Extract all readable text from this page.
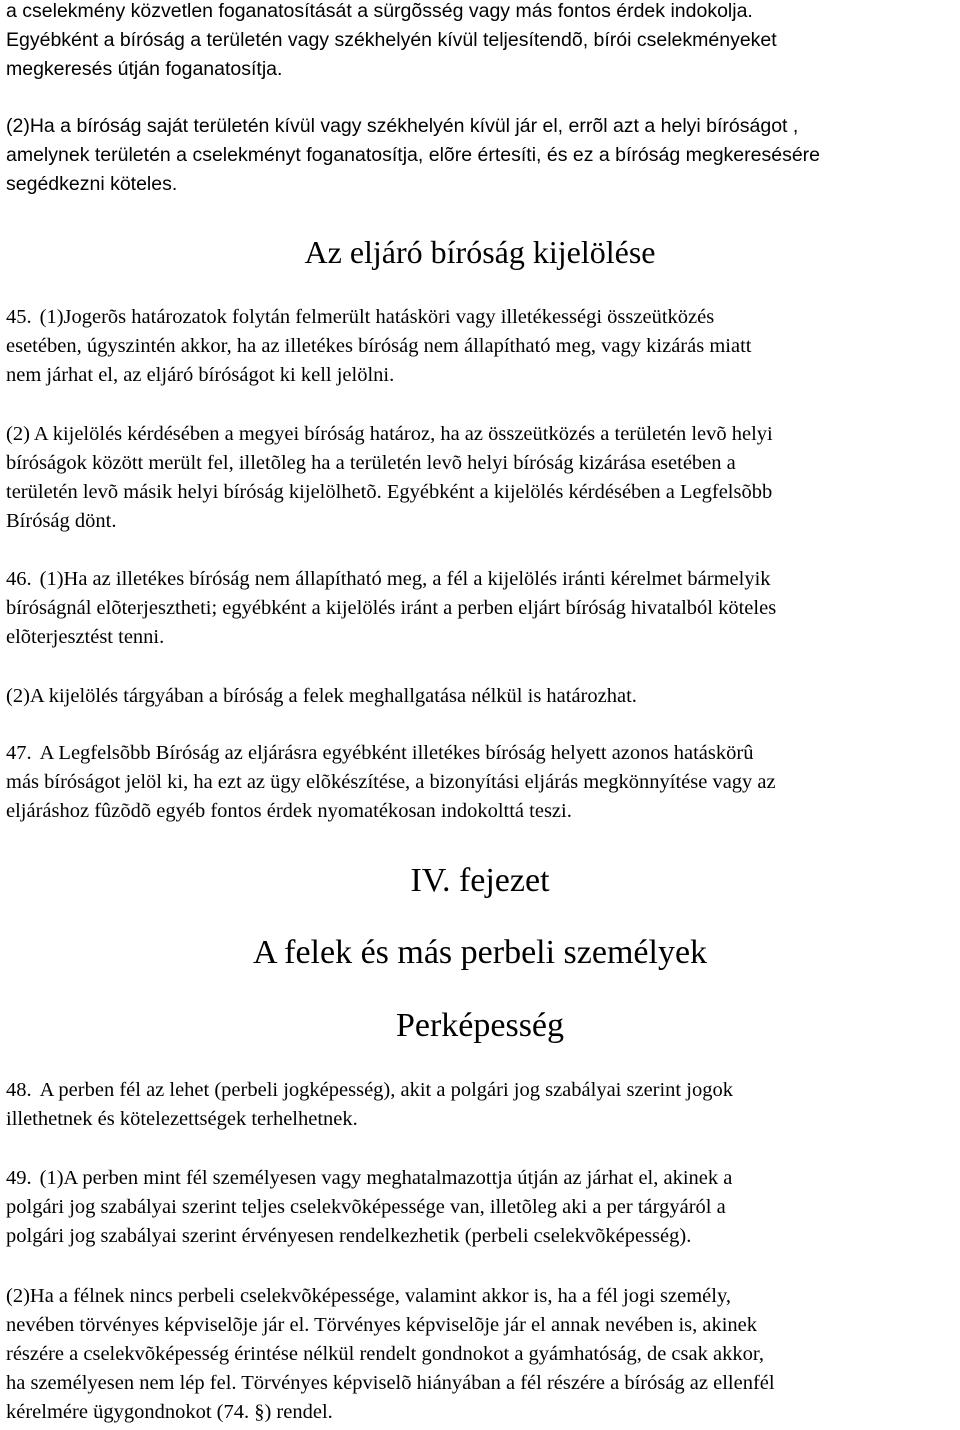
a cselekmény közvetlen foganatosítását a sürgõsség vagy más fontos érdek indokolja.
Egyébként a bíróság a területén vagy székhelyén kívül teljesítendõ, bírói cselekményeket
megkeresés útján foganatosítja.

(2)Ha a bíróság saját területén kívül vagy székhelyén kívül jár el, errõl azt a helyi bíróságot ,
amelynek területén a cselekményt foganatosítja, elõre értesíti, és ez a bíróság megkeresésére
segédkezni köteles.

Az eljáró bíróság kijelölése
45. (1)Jogerõs határozatok folytán felmerült hatásköri vagy illetékességi összeütközés
esetében, úgyszintén akkor, ha az illetékes bíróság nem állapítható meg, vagy kizárás miatt
nem járhat el, az eljáró bíróságot ki kell jelölni.
(2) A kijelölés kérdésében a megyei bíróság határoz, ha az összeütközés a területén levõ helyi
bíróságok között merült fel, illetõleg ha a területén levõ helyi bíróság kizárása esetében a
területén levõ másik helyi bíróság kijelölhetõ. Egyébként a kijelölés kérdésében a Legfelsõbb
Bíróság dönt.
46. (1)Ha az illetékes bíróság nem állapítható meg, a fél a kijelölés iránti kérelmet bármelyik
bíróságnál elõterjesztheti; egyébként a kijelölés iránt a perben eljárt bíróság hivatalból köteles
elõterjesztést tenni.
(2)A kijelölés tárgyában a bíróság a felek meghallgatása nélkül is határozhat.
47. A Legfelsõbb Bíróság az eljárásra egyébként illetékes bíróság helyett azonos hatáskörû
más bíróságot jelöl ki, ha ezt az ügy elõkészítése, a bizonyítási eljárás megkönnyítése vagy az
eljáráshoz fûzõdõ egyéb fontos érdek nyomatékosan indokolttá teszi.
IV. fejezet
A felek és más perbeli személyek
Perképesség
48. A perben fél az lehet (perbeli jogképesség), akit a polgári jog szabályai szerint jogok
illethetnek és kötelezettségek terhelhetnek.
49. (1)A perben mint fél személyesen vagy meghatalmazottja útján az járhat el, akinek a
polgári jog szabályai szerint teljes cselekvõképessége van, illetõleg aki a per tárgyáról a
polgári jog szabályai szerint érvényesen rendelkezhetik (perbeli cselekvõképesség).
(2)Ha a félnek nincs perbeli cselekvõképessége, valamint akkor is, ha a fél jogi személy,
nevében törvényes képviselõje jár el. Törvényes képviselõje jár el annak nevében is, akinek
részére a cselekvõképesség érintése nélkül rendelt gondnokot a gyámhatóság, de csak akkor,
ha személyesen nem lép fel. Törvényes képviselõ hiányában a fél részére a bíróság az ellenfél
kérelmére ügygondnokot (74. §) rendel.
